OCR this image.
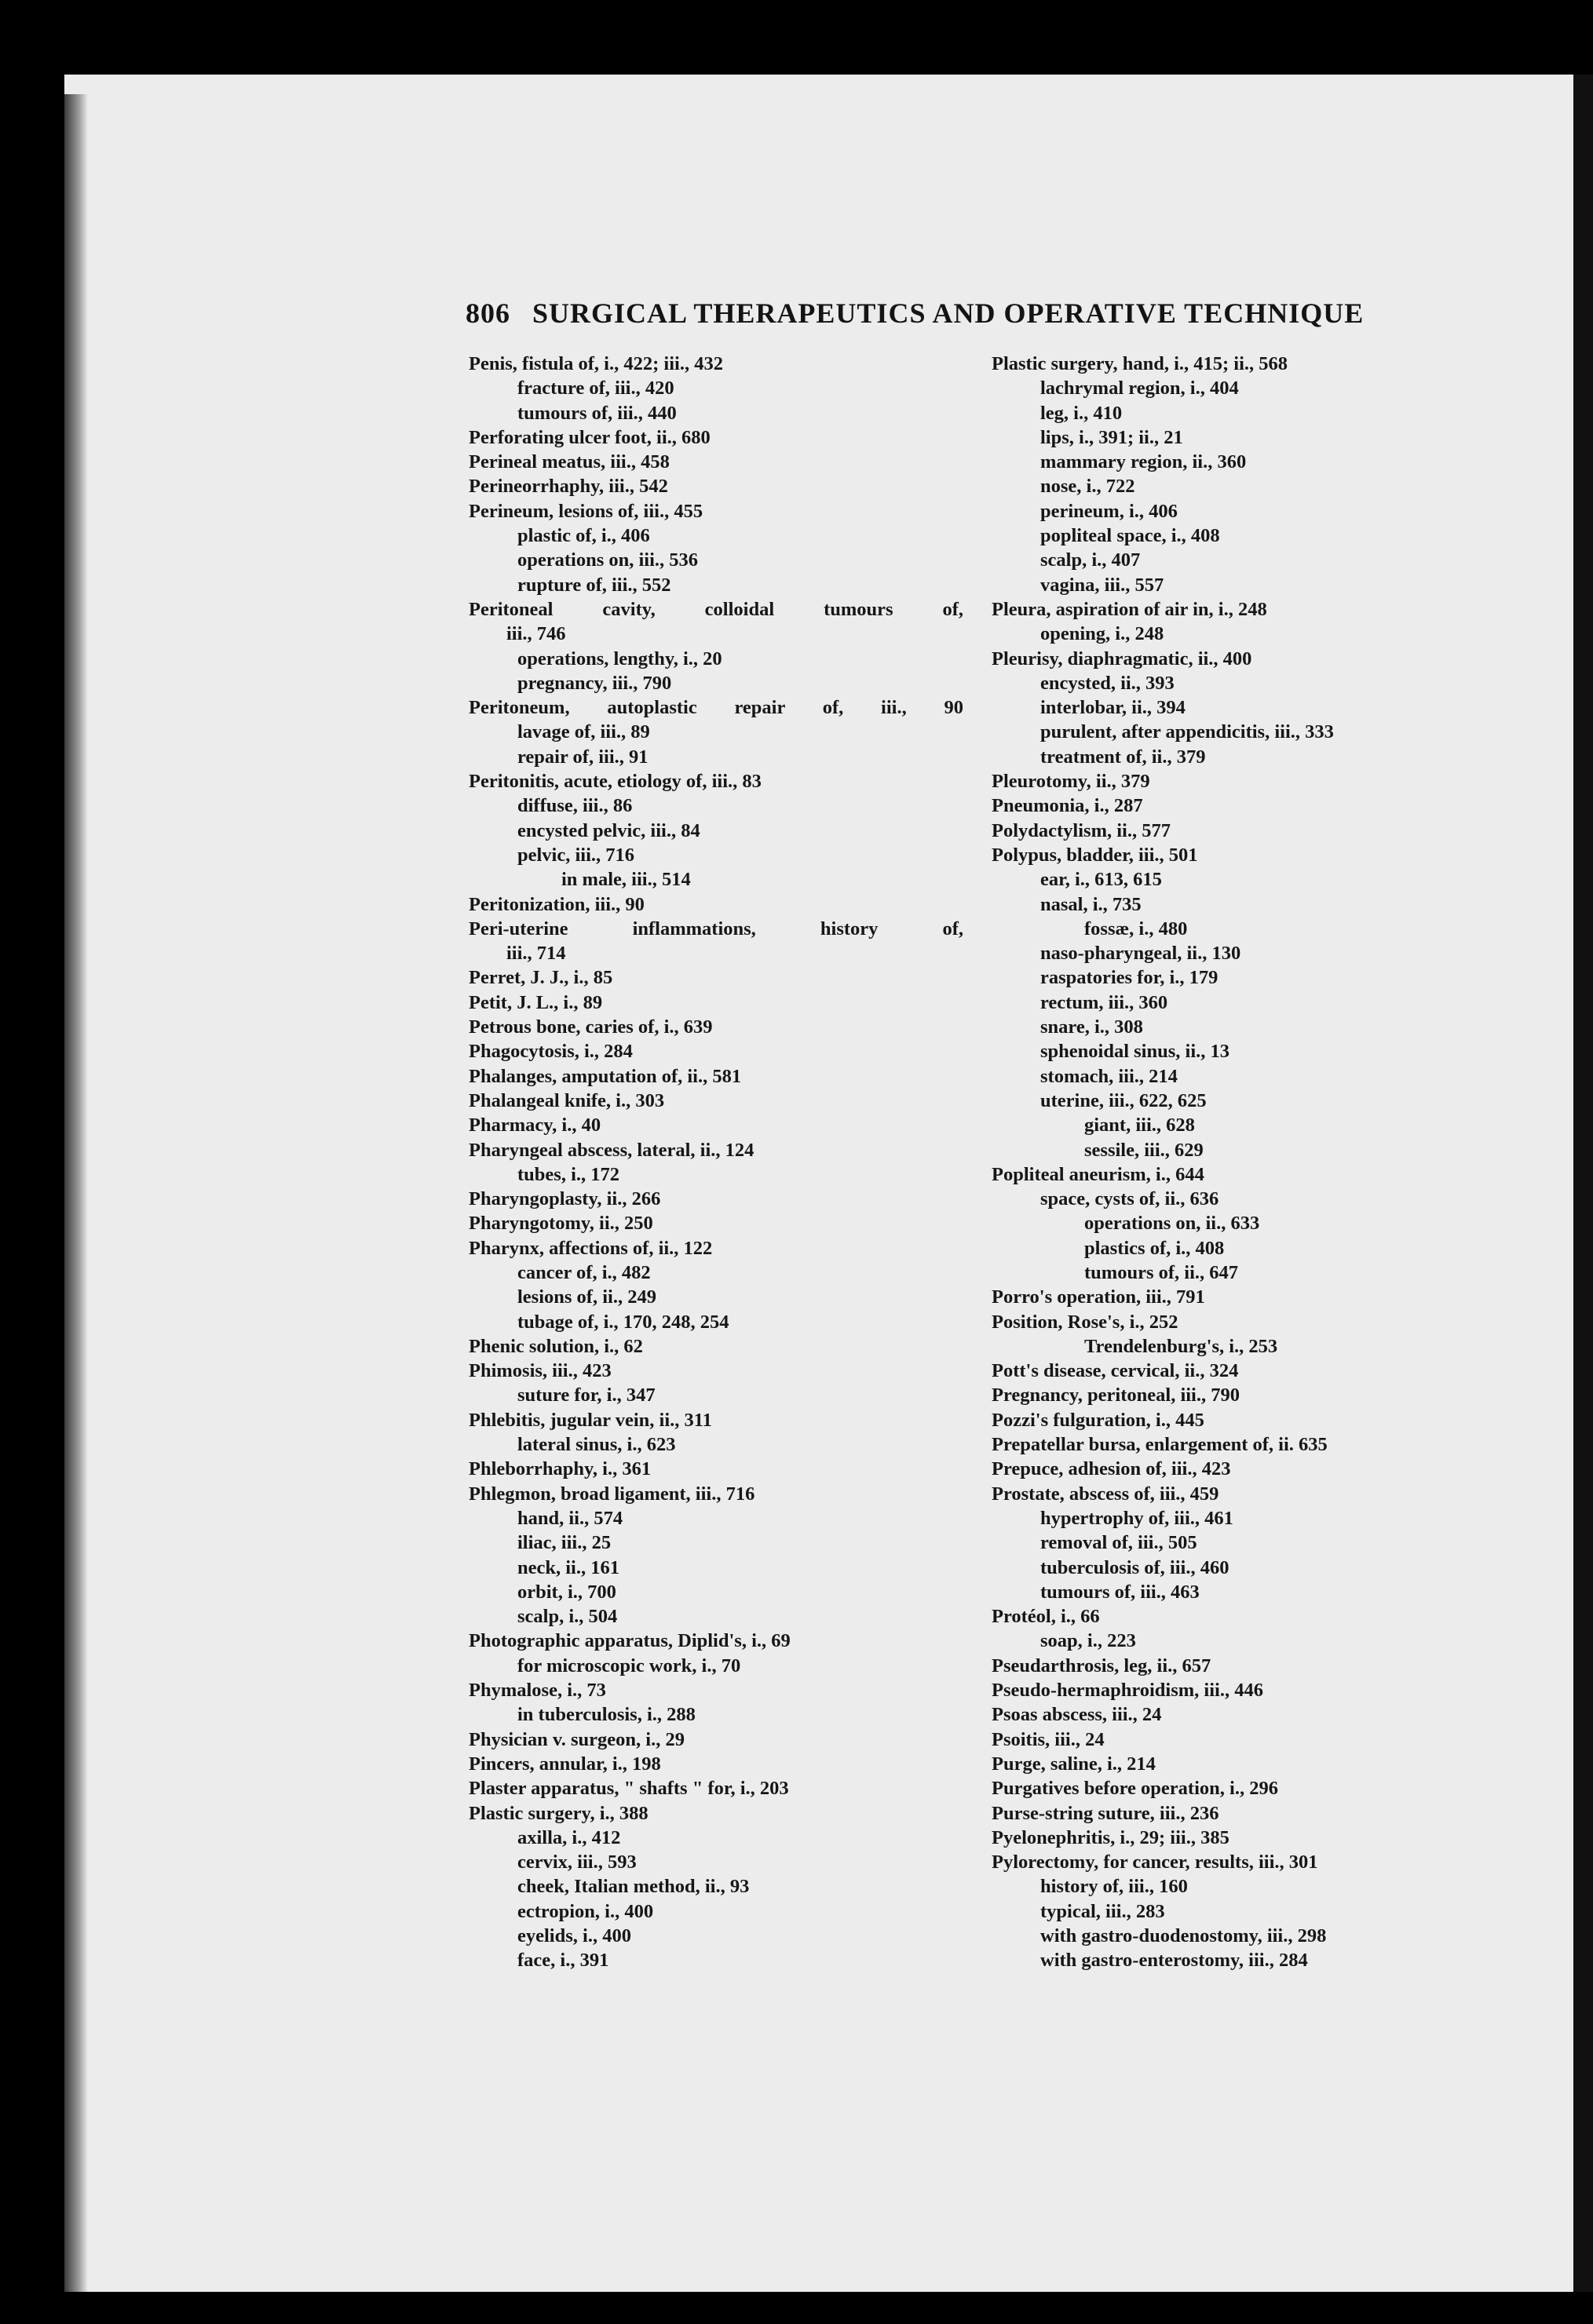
806 SURGICAL THERAPEUTICS AND OPERATIVE TECHNIQUE
Penis, fistula of, i., 422; iii., 432
fracture of, iii., 420
tumours of, iii., 440
Perforating ulcer foot, ii., 680
Perineal meatus, iii., 458
Perineorrhaphy, iii., 542
Perineum, lesions of, iii., 455
plastic of, i., 406
operations on, iii., 536
rupture of, iii., 552
Peritoneal cavity, colloidal tumours of,
iii., 746
operations, lengthy, i., 20
pregnancy, iii., 790
Peritoneum, autoplastic repair of, iii., 90
lavage of, iii., 89
repair of, iii., 91
Peritonitis, acute, etiology of, iii., 83
diffuse, iii., 86
encysted pelvic, iii., 84
pelvic, iii., 716
in male, iii., 514
Peritonization, iii., 90
Peri-uterine inflammations, history of,
iii., 714
Perret, J. J., i., 85
Petit, J. L., i., 89
Petrous bone, caries of, i., 639
Phagocytosis, i., 284
Phalanges, amputation of, ii., 581
Phalangeal knife, i., 303
Pharmacy, i., 40
Pharyngeal abscess, lateral, ii., 124
tubes, i., 172
Pharyngoplasty, ii., 266
Pharyngotomy, ii., 250
Pharynx, affections of, ii., 122
cancer of, i., 482
lesions of, ii., 249
tubage of, i., 170, 248, 254
Phenic solution, i., 62
Phimosis, iii., 423
suture for, i., 347
Phlebitis, jugular vein, ii., 311
lateral sinus, i., 623
Phleborrhaphy, i., 361
Phlegmon, broad ligament, iii., 716
hand, ii., 574
iliac, iii., 25
neck, ii., 161
orbit, i., 700
scalp, i., 504
Photographic apparatus, Diplid's, i., 69
for microscopic work, i., 70
Phymalose, i., 73
in tuberculosis, i., 288
Physician v. surgeon, i., 29
Pincers, annular, i., 198
Plaster apparatus, " shafts " for, i., 203
Plastic surgery, i., 388
axilla, i., 412
cervix, iii., 593
cheek, Italian method, ii., 93
ectropion, i., 400
eyelids, i., 400
face, i., 391
Plastic surgery, hand, i., 415; ii., 568
lachrymal region, i., 404
leg, i., 410
lips, i., 391; ii., 21
mammary region, ii., 360
nose, i., 722
perineum, i., 406
popliteal space, i., 408
scalp, i., 407
vagina, iii., 557
Pleura, aspiration of air in, i., 248
opening, i., 248
Pleurisy, diaphragmatic, ii., 400
encysted, ii., 393
interlobar, ii., 394
purulent, after appendicitis, iii., 333
treatment of, ii., 379
Pleurotomy, ii., 379
Pneumonia, i., 287
Polydactylism, ii., 577
Polypus, bladder, iii., 501
ear, i., 613, 615
nasal, i., 735
fossæ, i., 480
naso-pharyngeal, ii., 130
raspatories for, i., 179
rectum, iii., 360
snare, i., 308
sphenoidal sinus, ii., 13
stomach, iii., 214
uterine, iii., 622, 625
giant, iii., 628
sessile, iii., 629
Popliteal aneurism, i., 644
space, cysts of, ii., 636
operations on, ii., 633
plastics of, i., 408
tumours of, ii., 647
Porro's operation, iii., 791
Position, Rose's, i., 252
Trendelenburg's, i., 253
Pott's disease, cervical, ii., 324
Pregnancy, peritoneal, iii., 790
Pozzi's fulguration, i., 445
Prepatellar bursa, enlargement of, ii. 635
Prepuce, adhesion of, iii., 423
Prostate, abscess of, iii., 459
hypertrophy of, iii., 461
removal of, iii., 505
tuberculosis of, iii., 460
tumours of, iii., 463
Protéol, i., 66
soap, i., 223
Pseudarthrosis, leg, ii., 657
Pseudo-hermaphroidism, iii., 446
Psoas abscess, iii., 24
Psoitis, iii., 24
Purge, saline, i., 214
Purgatives before operation, i., 296
Purse-string suture, iii., 236
Pyelonephritis, i., 29; iii., 385
Pylorectomy, for cancer, results, iii., 301
history of, iii., 160
typical, iii., 283
with gastro-duodenostomy, iii., 298
with gastro-enterostomy, iii., 284
